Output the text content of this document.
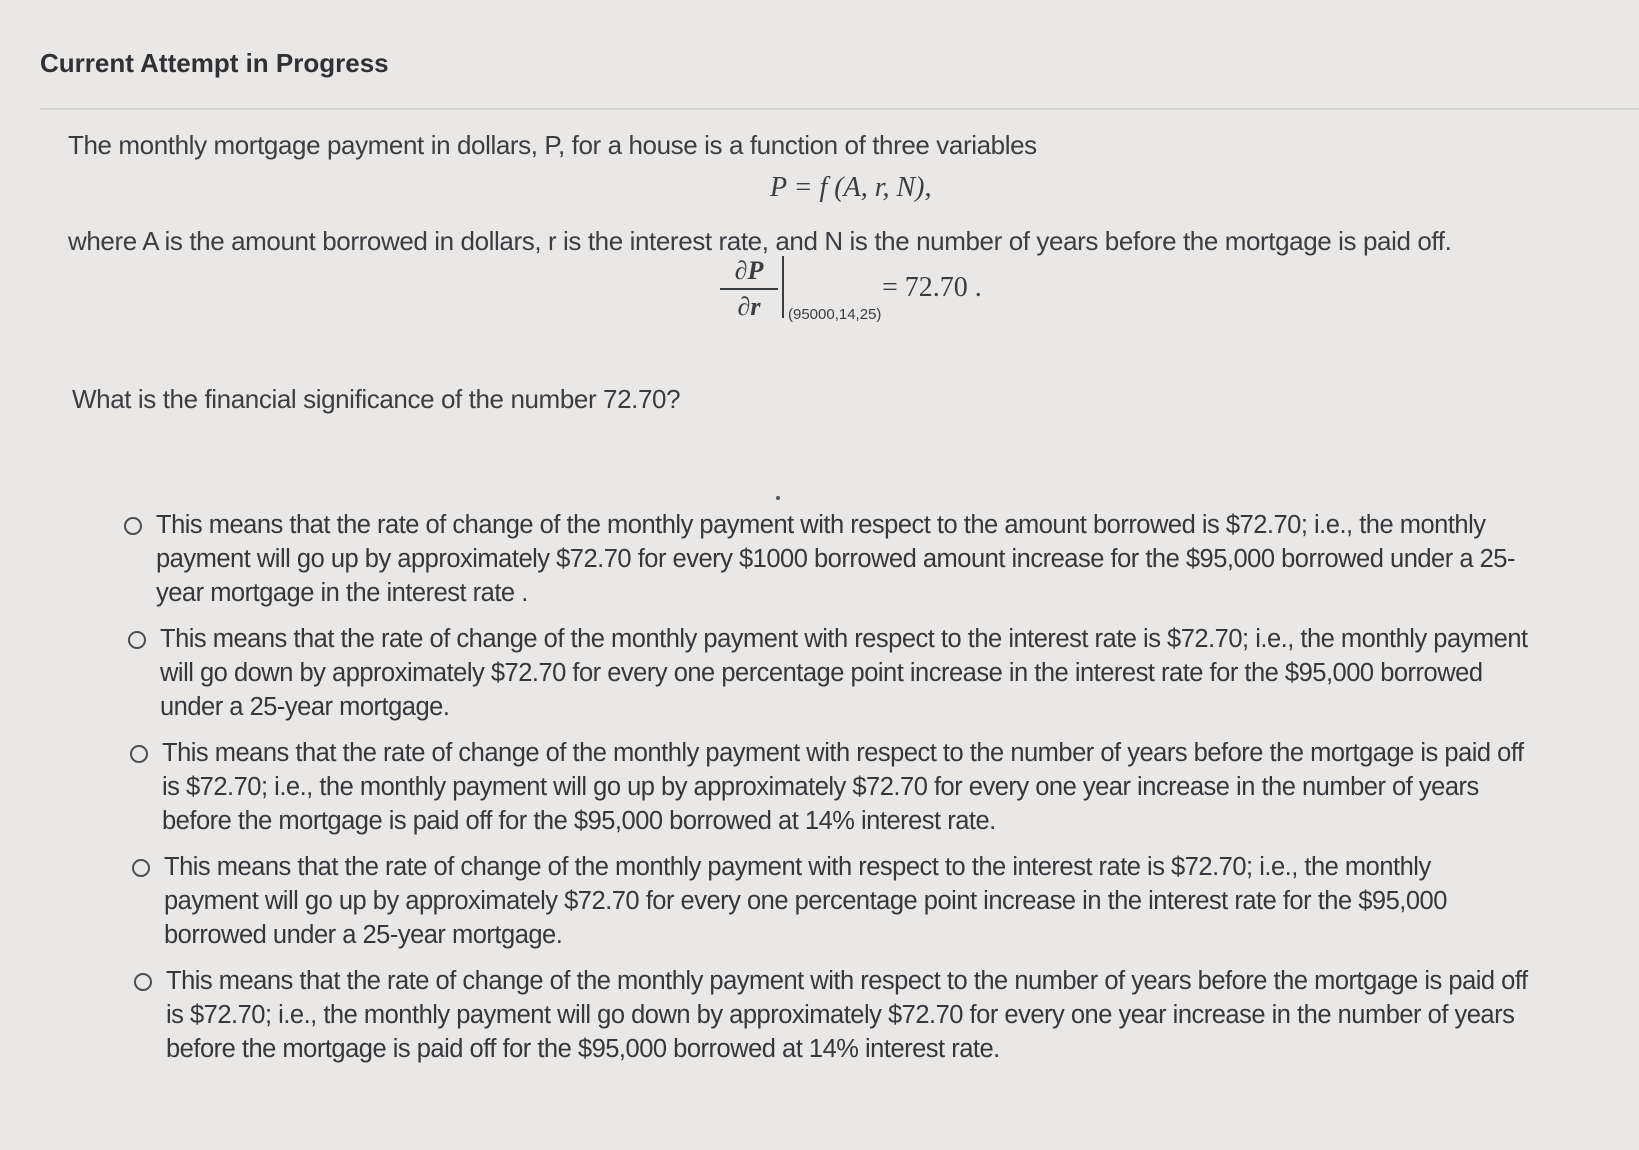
Current Attempt in Progress
The monthly mortgage payment in dollars, P, for a house is a function of three variables
P = f (A, r, N),
where A is the amount borrowed in dollars, r is the interest rate, and N is the number of years before the mortgage is paid off.
∂P
∂r	(95000,14,25)
= 72.70 .
What is the financial significance of the number 72.70?
This means that the rate of change of the monthly payment with respect to the amount borrowed is $72.70; i.e., the monthly payment will go up by approximately $72.70 for every $1000 borrowed amount increase for the $95,000 borrowed under a 25-year mortgage in the interest rate .
This means that the rate of change of the monthly payment with respect to the interest rate is $72.70; i.e., the monthly payment will go down by approximately $72.70 for every one percentage point increase in the interest rate for the $95,000 borrowed under a 25-year mortgage.
This means that the rate of change of the monthly payment with respect to the number of years before the mortgage is paid off is $72.70; i.e., the monthly payment will go up by approximately $72.70 for every one year increase in the number of years before the mortgage is paid off for the $95,000 borrowed at 14% interest rate.
This means that the rate of change of the monthly payment with respect to the interest rate is $72.70; i.e., the monthly payment will go up by approximately $72.70 for every one percentage point increase in the interest rate for the $95,000 borrowed under a 25-year mortgage.
This means that the rate of change of the monthly payment with respect to the number of years before the mortgage is paid off is $72.70; i.e., the monthly payment will go down by approximately $72.70 for every one year increase in the number of years before the mortgage is paid off for the $95,000 borrowed at 14% interest rate.
